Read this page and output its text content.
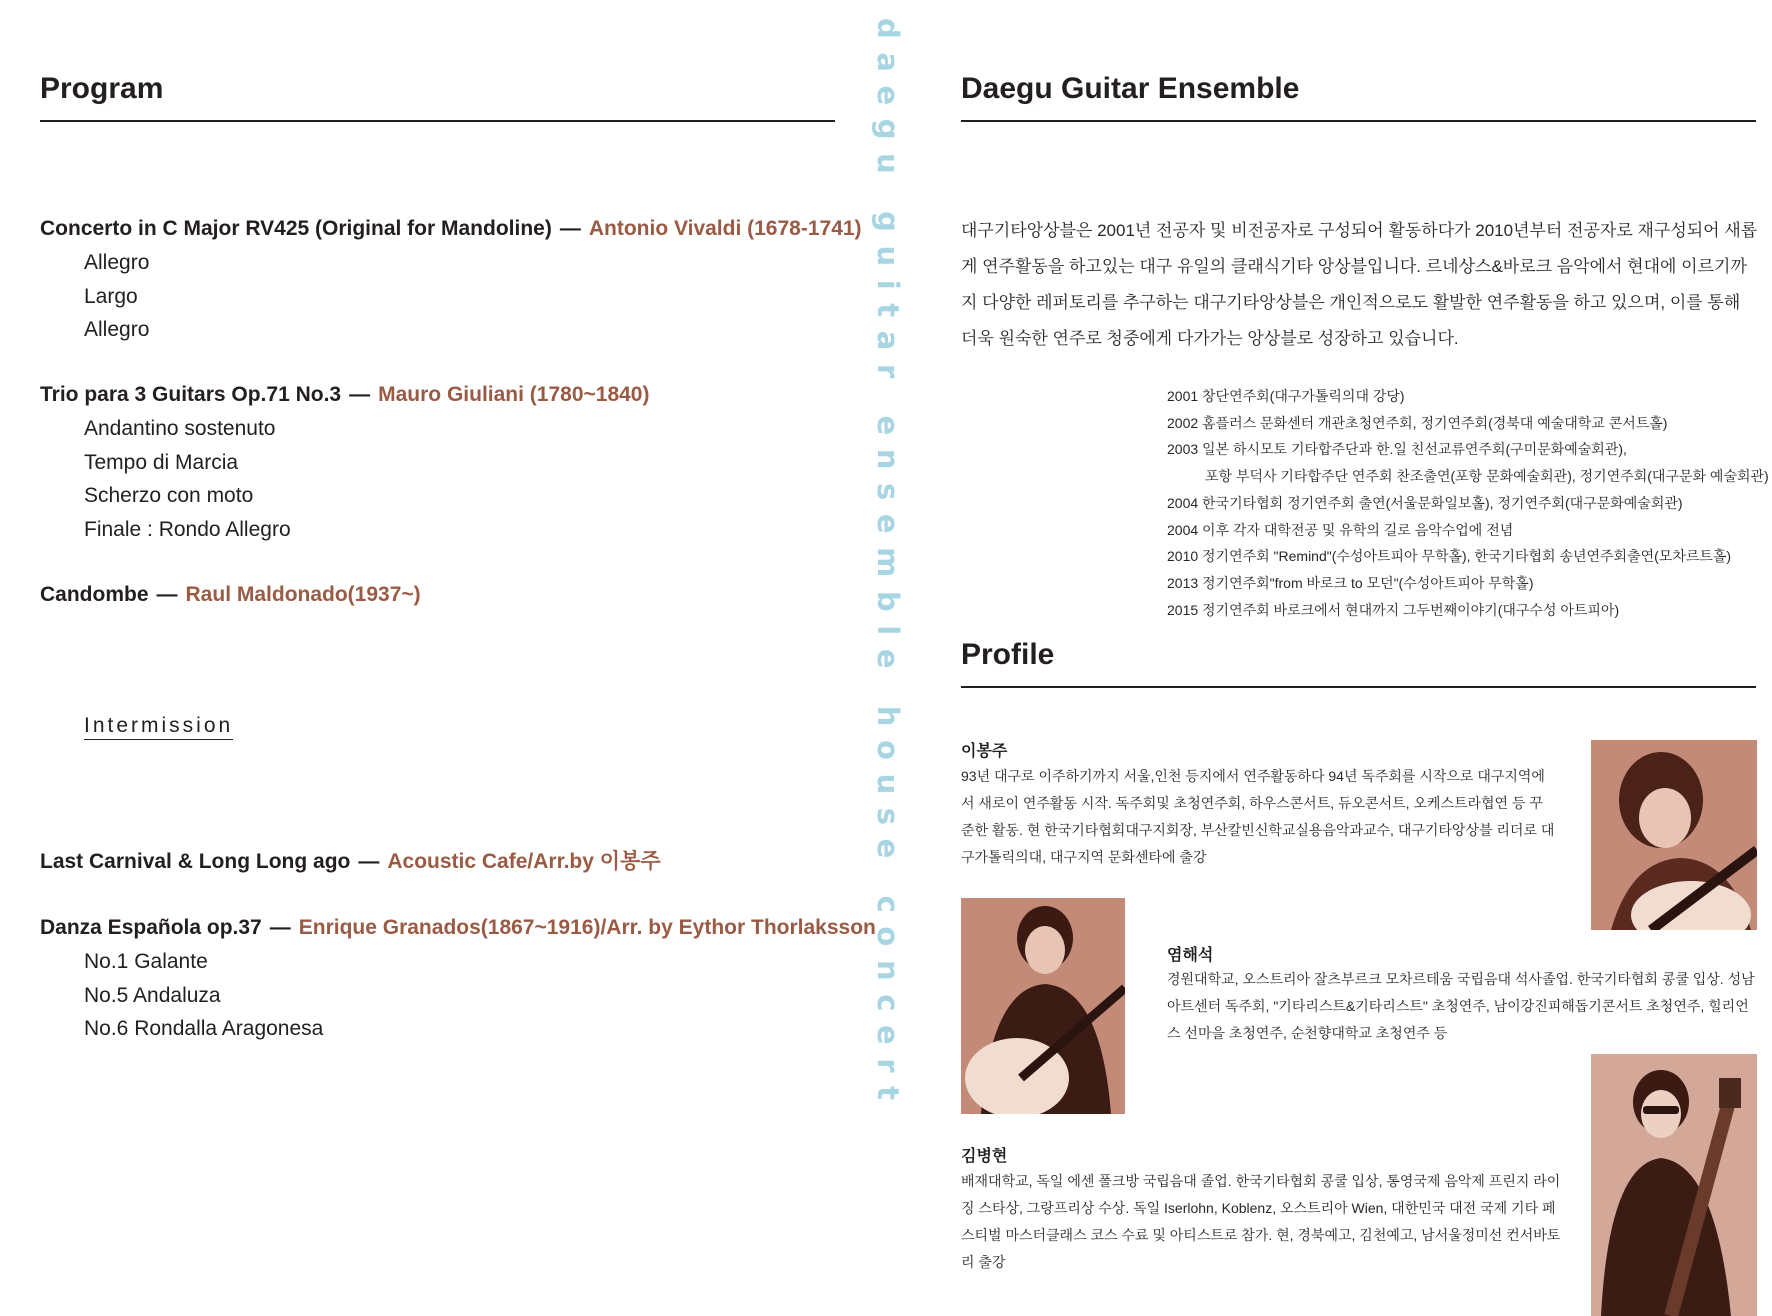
Program
Concerto in C Major RV425 (Original for Mandoline) — Antonio Vivaldi (1678-1741)
Allegro
Largo
Allegro
Trio para 3 Guitars Op.71 No.3 — Mauro Giuliani (1780~1840)
Andantino sostenuto
Tempo di Marcia
Scherzo con moto
Finale : Rondo Allegro
Candombe — Raul Maldonado(1937~)
Intermission
Last Carnival & Long Long ago — Acoustic Cafe/Arr.by 이봉주
Danza Española op.37 — Enrique Granados(1867~1916)/Arr. by Eythor Thorlaksson
No.1 Galante
No.5 Andaluza
No.6 Rondalla Aragonesa	daegu guitar ensemble house concert Daegu Guitar Ensemble
대구기타앙상블은 2001년 전공자 및 비전공자로 구성되어 활동하다가 2010년부터 전공자로 재구성되어 새롭게 연주활동을 하고있는 대구 유일의 클래식기타 앙상블입니다. 르네상스&바로크 음악에서 현대에 이르기까지 다양한 레퍼토리를 추구하는 대구기타앙상블은 개인적으로도 활발한 연주활동을 하고 있으며, 이를 통해 더욱 원숙한 연주로 청중에게 다가가는 앙상블로 성장하고 있습니다.
2001 창단연주회(대구가톨릭의대 강당)
2002 홈플러스 문화센터 개관초청연주회, 정기연주회(경북대 예술대학교 콘서트홀)
2003 일본 하시모토 기타합주단과 한.일 친선교류연주회(구미문화예술회관),
포항 부덕사 기타합주단 연주회 찬조출연(포항 문화예술회관), 정기연주회(대구문화 예술회관)
2004 한국기타협회 정기연주회 출연(서울문화일보홀), 정기연주회(대구문화예술회관)
2004 이후 각자 대학전공 및 유학의 길로 음악수업에 전념
2010 정기연주회 "Remind"(수성아트피아 무학홀), 한국기타협회 송년연주회출연(모차르트홀)
2013 정기연주회"from 바로크 to 모던"(수성아트피아 무학홀)
2015 정기연주회 바로크에서 현대까지 그두번째이야기(대구수성 아트피아)
Profile
이봉주
93년 대구로 이주하기까지 서울,인천 등지에서 연주활동하다 94년 독주회를 시작으로 대구지역에서 새로이 연주활동 시작. 독주회및 초청연주회, 하우스콘서트, 듀오콘서트, 오케스트라협연 등 꾸준한 활동. 현 한국기타협회대구지회장, 부산칼빈신학교실용음악과교수, 대구기타앙상블 리더로 대구가톨릭의대, 대구지역 문화센타에 출강
염해석
경원대학교, 오스트리아 잘츠부르크 모차르테움 국립음대 석사졸업. 한국기타협회 콩쿨 입상. 성남아트센터 독주회, "기타리스트&기타리스트" 초청연주, 남이강진피해돕기콘서트 초청연주, 힐리언스 선마을 초청연주, 순천향대학교 초청연주 등
김병현
배재대학교, 독일 에센 폴크방 국립음대 졸업. 한국기타협회 콩쿨 입상, 통영국제 음악제 프린지 라이징 스타상, 그랑프리상 수상. 독일 Iserlohn, Koblenz, 오스트리아 Wien, 대한민국 대전 국제 기타 페스티벌 마스터클래스 코스 수료 및 아티스트로 참가. 현, 경북예고, 김천예고, 남서울정미선 컨서바토리 출강
